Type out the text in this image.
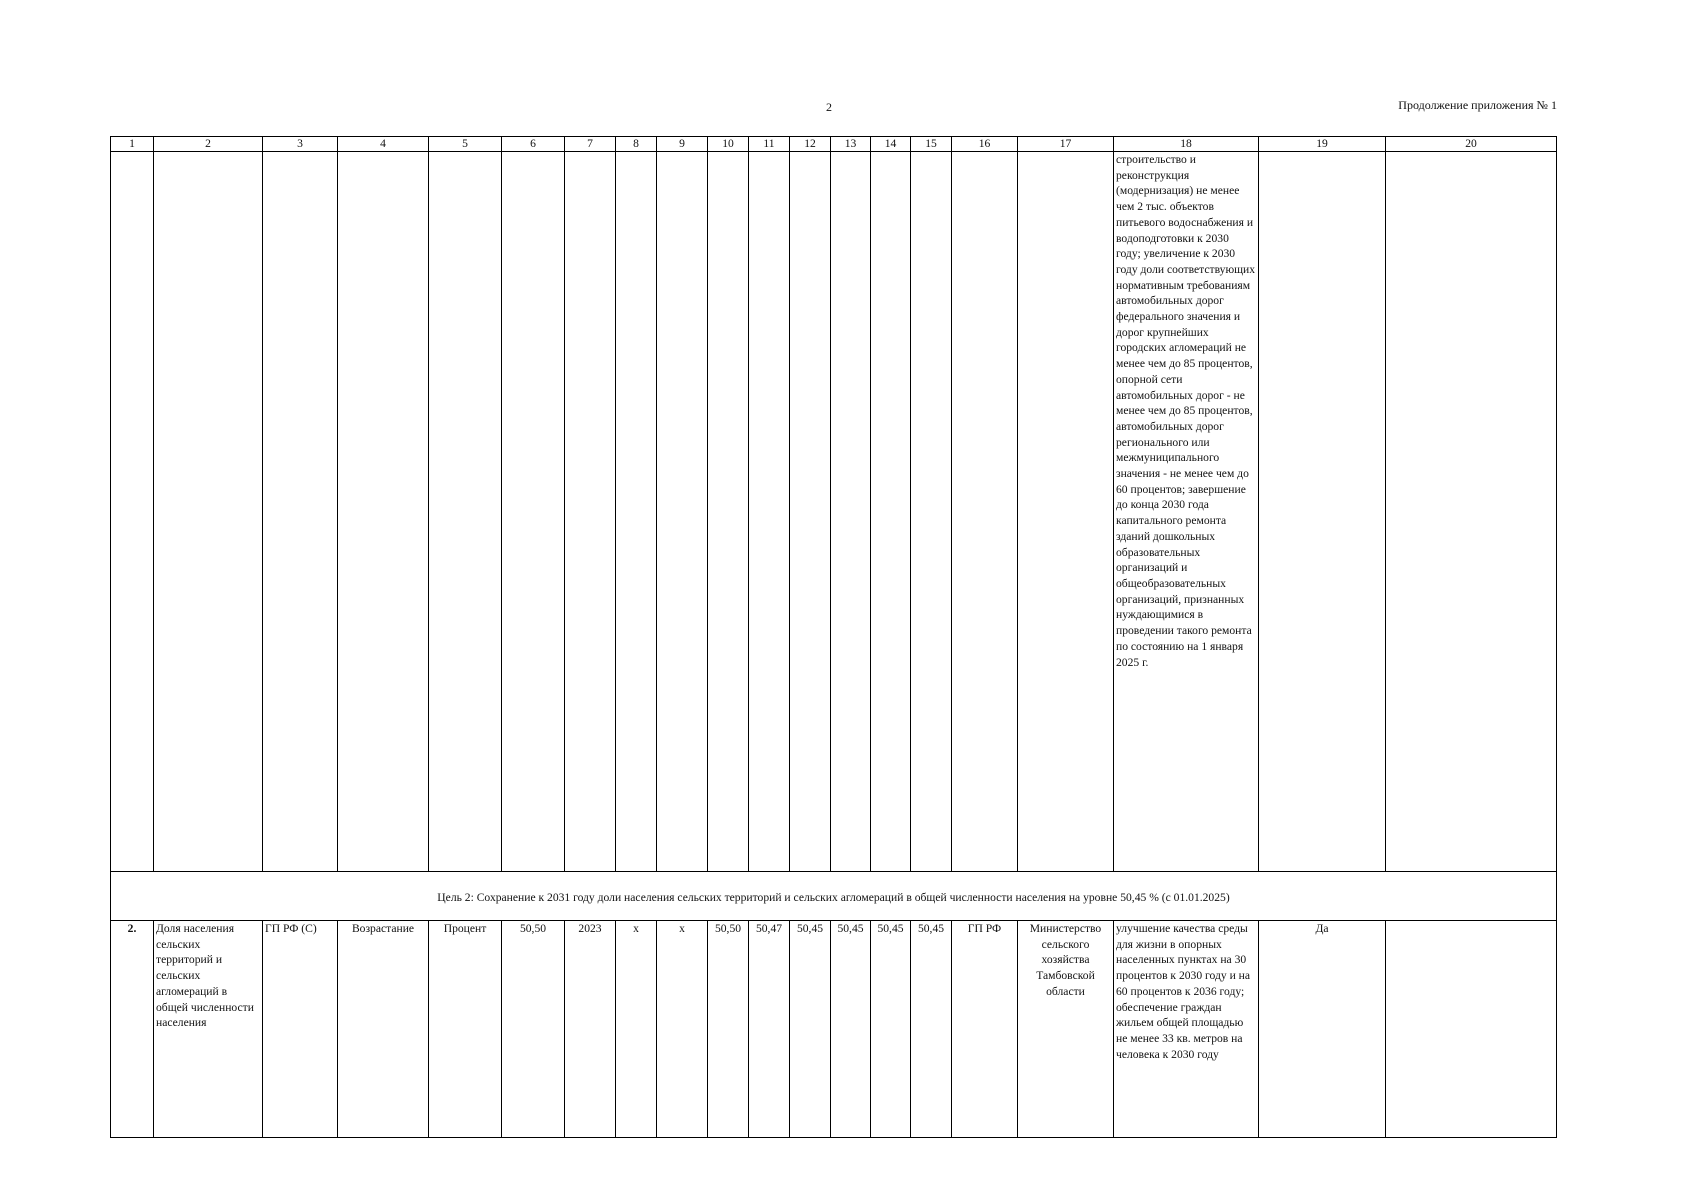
2	Продолжение приложения № 1
1	2	3	4	5	6	7	8	9	10	11	12	13	14	15	16	17	18	19	20
																	строительство и реконструкция (модернизация) не менее чем 2 тыс. объектов питьевого водоснабжения и водоподготовки к 2030 году; увеличение к 2030 году доли соответствующих нормативным требованиям автомобильных дорог федерального значения и дорог крупнейших городских агломераций не менее чем до 85 процентов, опорной сети автомобильных дорог - не менее чем до 85 процентов, автомобильных дорог регионального или межмуниципального значения - не менее чем до 60 процентов; завершение до конца 2030 года капитального ремонта зданий дошкольных образовательных организаций и общеобразовательных организаций, признанных нуждающимися в проведении такого ремонта по состоянию на 1 января 2025 г.		
Цель 2: Сохранение к 2031 году доли населения сельских территорий и сельских агломераций в общей численности населения на уровне 50,45 % (с 01.01.2025)																			
2.	Доля населения сельских территорий и сельских агломераций в общей численности населения	ГП РФ (С)	Возрастание	Процент	50,50	2023	х	х	50,50	50,47	50,45	50,45	50,45	50,45	ГП РФ	Министерство сельского хозяйства Тамбовской области	улучшение качества среды для жизни в опорных населенных пунктах на 30 процентов к 2030 году и на 60 процентов к 2036 году; обеспечение граждан жильем общей площадью не менее 33 кв. метров на человека к 2030 году	Да	
